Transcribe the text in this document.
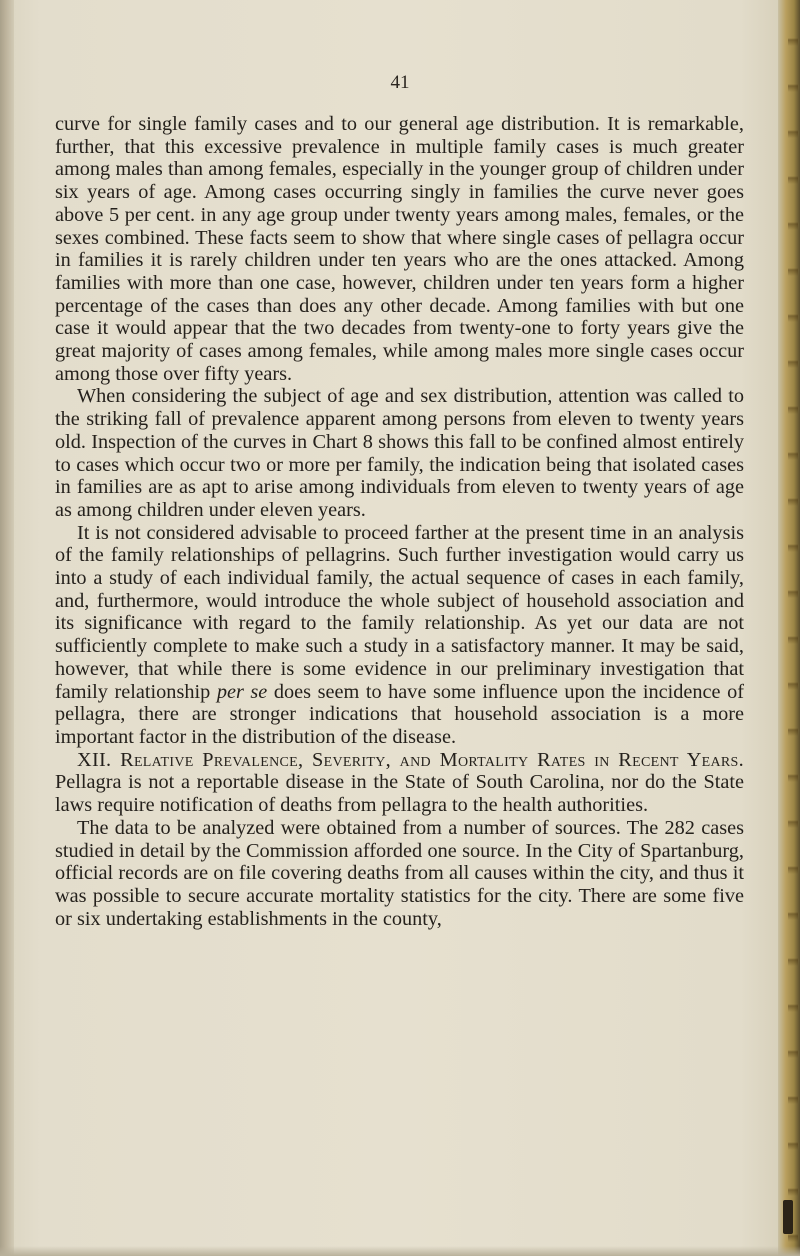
41

curve for single family cases and to our general age distribution. It is remarkable, further, that this excessive prevalence in multiple family cases is much greater among males than among females, especially in the younger group of children under six years of age. Among cases occurring singly in families the curve never goes above 5 per cent. in any age group under twenty years among males, females, or the sexes combined. These facts seem to show that where single cases of pellagra occur in families it is rarely children under ten years who are the ones attacked. Among families with more than one case, however, children under ten years form a higher percentage of the cases than does any other decade. Among families with but one case it would appear that the two decades from twenty-one to forty years give the great majority of cases among females, while among males more single cases occur among those over fifty years.

When considering the subject of age and sex distribution, attention was called to the striking fall of prevalence apparent among persons from eleven to twenty years old. Inspection of the curves in Chart 8 shows this fall to be confined almost entirely to cases which occur two or more per family, the indication being that isolated cases in families are as apt to arise among individuals from eleven to twenty years of age as among children under eleven years.

It is not considered advisable to proceed farther at the present time in an analysis of the family relationships of pellagrins. Such further investigation would carry us into a study of each individual family, the actual sequence of cases in each family, and, furthermore, would introduce the whole subject of household association and its significance with regard to the family relationship. As yet our data are not sufficiently complete to make such a study in a satisfactory manner. It may be said, however, that while there is some evidence in our preliminary investigation that family relationship per se does seem to have some influence upon the incidence of pellagra, there are stronger indications that household association is a more important factor in the distribution of the disease.

XII. Relative Prevalence, Severity, and Mortality Rates in Recent Years. Pellagra is not a reportable disease in the State of South Carolina, nor do the State laws require notification of deaths from pellagra to the health authorities.

The data to be analyzed were obtained from a number of sources. The 282 cases studied in detail by the Commission afforded one source. In the City of Spartanburg, official records are on file covering deaths from all causes within the city, and thus it was possible to secure accurate mortality statistics for the city. There are some five or six undertaking establishments in the county,
